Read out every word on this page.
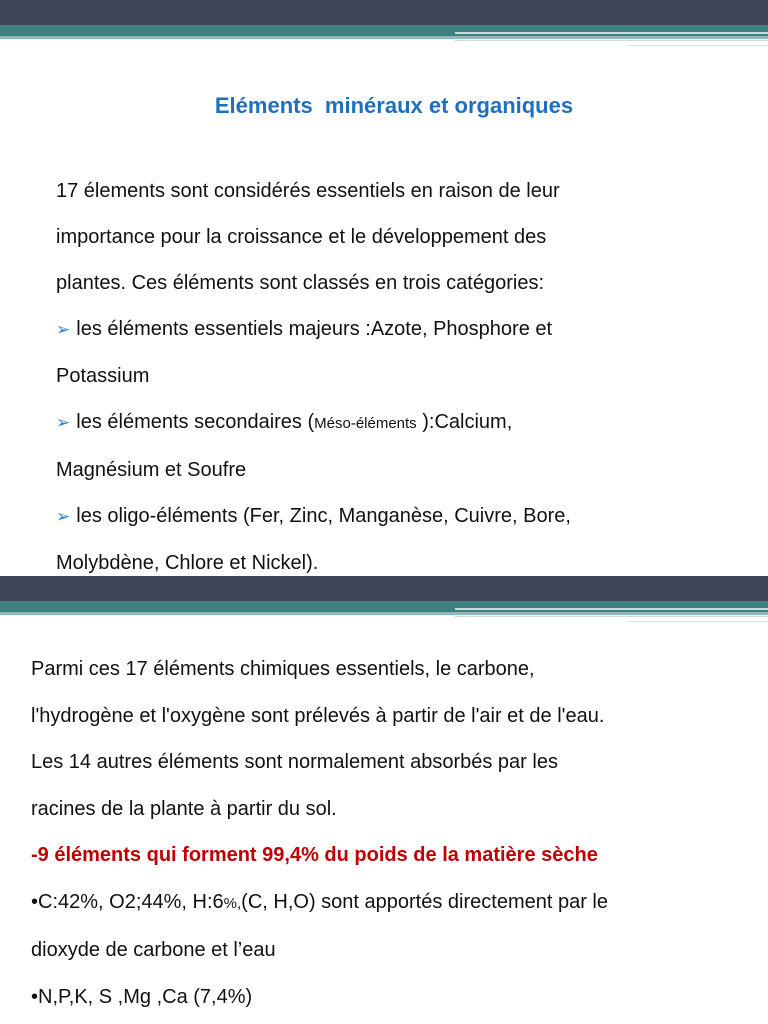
Eléments  minéraux et organiques
17 élements sont considérés essentiels en raison de leur
importance pour la croissance et le développement des
plantes. Ces éléments sont classés en trois catégories:
➢ les éléments essentiels majeurs :Azote, Phosphore et
Potassium
➢ les éléments secondaires (Méso-éléments ):Calcium,
Magnésium et Soufre
➢ les oligo-éléments (Fer, Zinc, Manganèse, Cuivre, Bore,
Molybdène, Chlore et Nickel).
Parmi ces 17 éléments chimiques essentiels, le carbone,
l'hydrogène et l'oxygène sont prélevés à partir de l'air et de l'eau.
Les 14 autres éléments sont normalement absorbés par les
racines de la plante à partir du sol.
-9 éléments qui forment 99,4% du poids de la matière sèche
•C:42%, O2;44%, H:6%,(C, H,O) sont apportés directement par le
dioxyde de carbone et l’eau
•N,P,K, S ,Mg ,Ca (7,4%)
